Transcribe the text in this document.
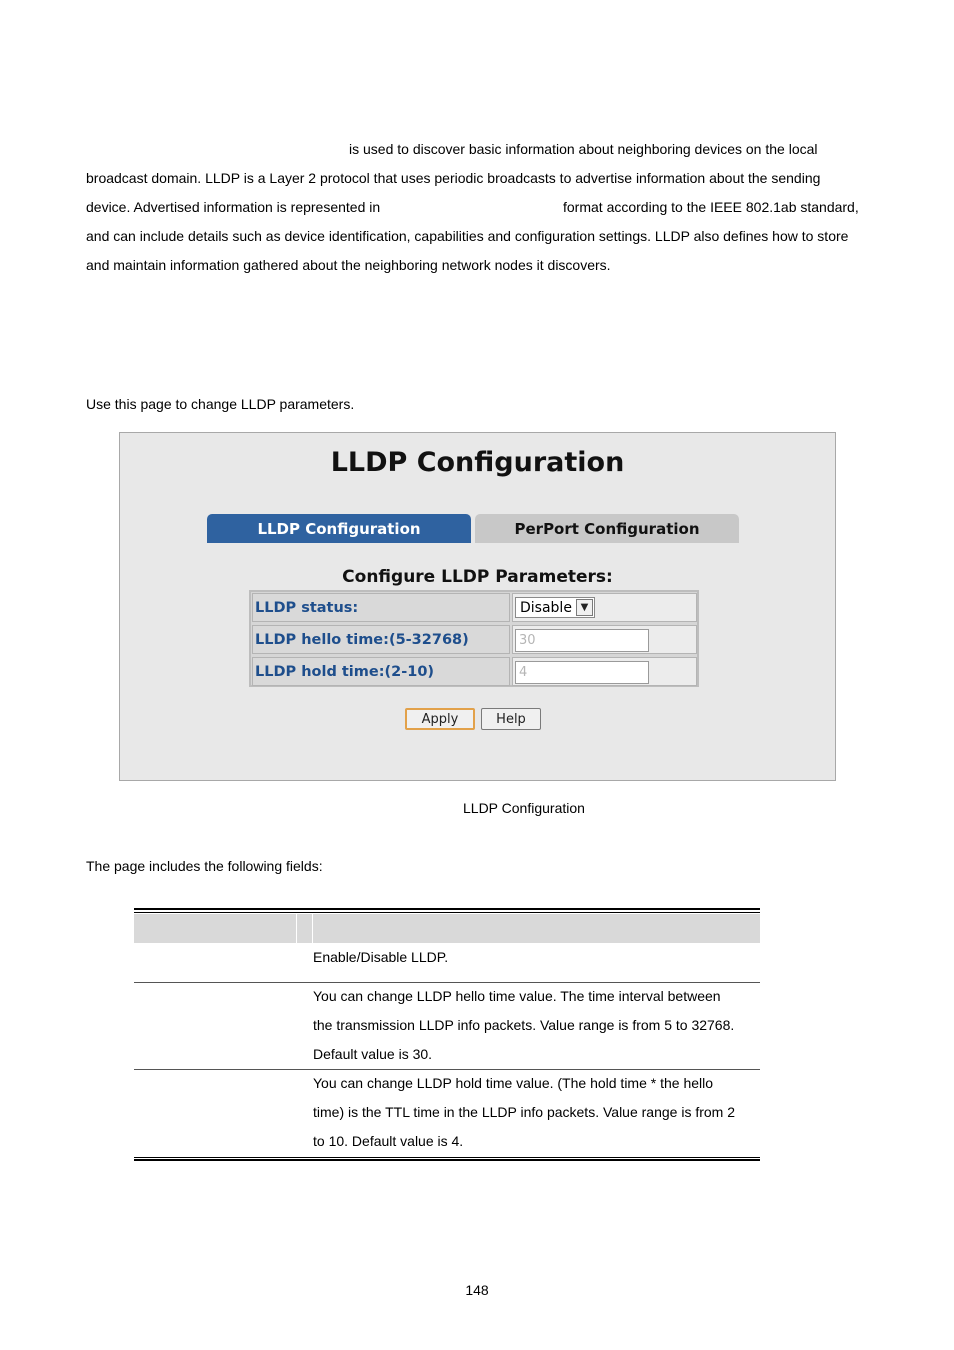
is used to discover basic information about neighboring devices on the local
broadcast domain. LLDP is a Layer 2 protocol that uses periodic broadcasts to advertise information about the sending
device. Advertised information is represented in	format according to the IEEE 802.1ab standard,
and can include details such as device identification, capabilities and configuration settings. LLDP also defines how to store
and maintain information gathered about the neighboring network nodes it discovers.
Use this page to change LLDP parameters.
LLDP Configuration
LLDP Configuration	PerPort Configuration
Configure LLDP Parameters:
LLDP status:	Disable ▼
LLDP hello time:(5-32768)	30
LLDP hold time:(2-10)	4
Apply	Help
LLDP Configuration
The page includes the following fields:
Enable/Disable LLDP.
You can change LLDP hello time value. The time interval between
the transmission LLDP info packets. Value range is from 5 to 32768.
Default value is 30.
You can change LLDP hold time value. (The hold time * the hello
time) is the TTL time in the LLDP info packets. Value range is from 2
to 10. Default value is 4.
148
